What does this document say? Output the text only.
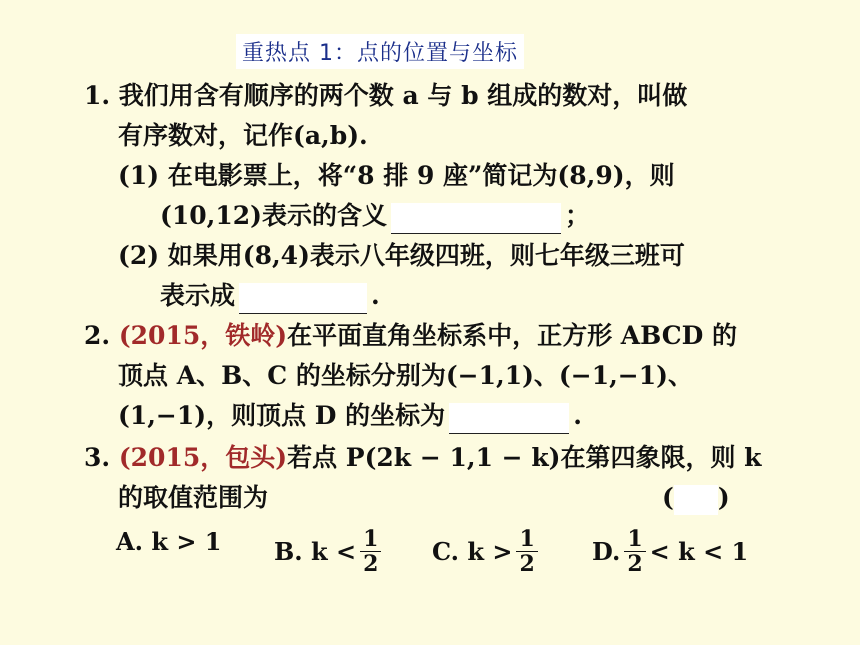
重热点 1：点的位置与坐标
1. 我们用含有顺序的两个数 a 与 b 组成的数对，叫做
有序数对，记作(a,b).
(1) 在电影票上，将“8 排 9 座”简记为(8,9)，则
(10,12)表示的含义	；
(2) 如果用(8,4)表示八年级四班，则七年级三班可
表示成	.
2. (2015，铁岭)在平面直角坐标系中，正方形 ABCD 的
顶点 A、B、C 的坐标分别为(−1,1)、(−1,−1)、
(1,−1)，则顶点 D 的坐标为	.
3. (2015，包头)若点 P(2k − 1,1 − k)在第四象限，则 k
的取值范围为	( )
A. k > 1 B. $k < \frac{1}{2} C$. $k > \frac{1}{2} D$. $\frac{1}{2} < k < 1$
